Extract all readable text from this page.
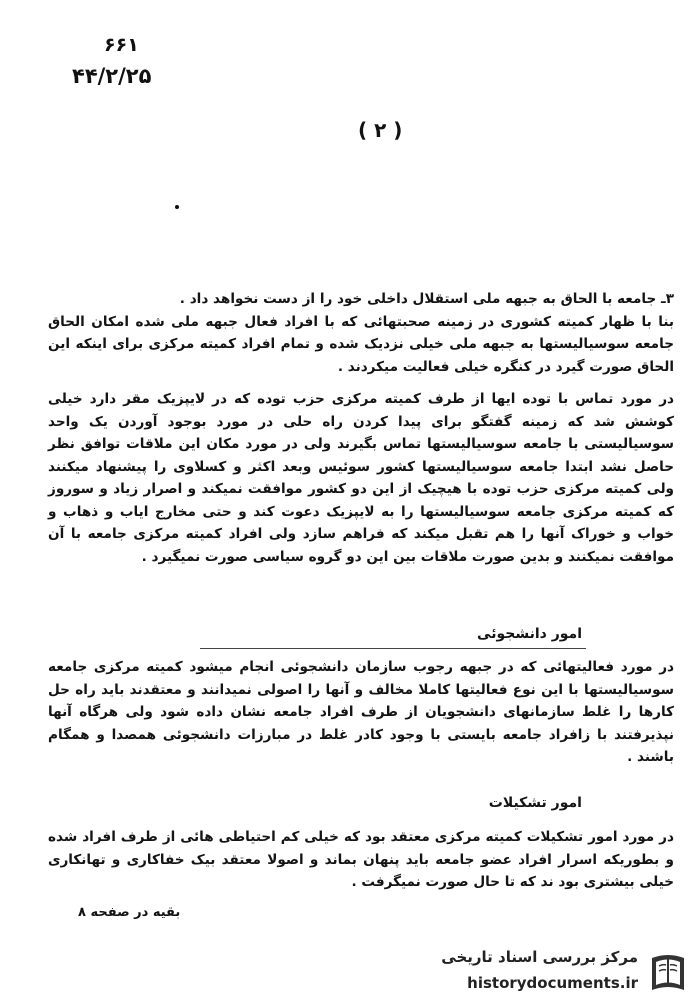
۶۶۱
۴۴/۲/۲۵
( ۲ )

۳ـ جامعه با الحاق به جبهه ملی استقلال داخلی خود را از دست نخواهد داد .

بنا با ظهار کمیته کشوری در زمینه صحبتهائی که با افراد فعال جبهه ملی شده امکان الحاق جامعه سوسیالیستها به جبهه ملی خیلی نزدیک شده و تمام افراد کمیته مرکزی برای اینکه این الحاق صورت گیرد در کنگره خیلی فعالیت میکردند .

در مورد تماس با توده ایها از طرف کمیته مرکزی حزب توده که در لایپزیک مقر دارد خیلی کوشش شد که زمینه گفتگو برای پیدا کردن راه حلی در مورد بوجود آوردن یک واحد سوسیالیستی با جامعه سوسیالیستها تماس بگیرند ولی در مورد مکان این ملاقات توافق نظر حاصل نشد ابتدا جامعه سوسیالیستها کشور سوئیس وبعد اکثر و کسلاوی را پیشنهاد میکنند ولی کمیته مرکزی حزب توده با هیچیک از این دو کشور موافقت نمیکند و اصرار زیاد و سوروز که کمیته مرکزی جامعه سوسیالیستها را به لایپزیک دعوت کند و حتی مخارج ایاب و ذهاب و خواب و خوراک آنها را هم تقبل میکند که فراهم سازد ولی افراد کمیته مرکزی جامعه با آن موافقت نمیکنند و بدین صورت ملاقات بین این دو گروه سیاسی صورت نمیگیرد .

امور دانشجوئی

در مورد فعالیتهائی که در جبهه رجوب سازمان دانشجوئی انجام میشود کمیته مرکزی جامعه سوسیالیستها با این نوع فعالیتها کاملا مخالف و آنها را اصولی نمیدانند و معتقدند باید راه حل کارها را غلط سازمانهای دانشجویان از طرف افراد جامعه نشان داده شود ولی هرگاه آنها نپذیرفتند با زافراد جامعه بایستی با وجود کادر غلط در مبارزات دانشجوئی همصدا و همگام باشند .

امور تشکیلات

در مورد امور تشکیلات کمیته مرکزی معتقد بود که خیلی کم احتیاطی هائی از طرف افراد شده و بطوریکه اسرار افراد عضو جامعه باید پنهان بماند و اصولا معتقد بیک خفاکاری و تهانکاری خیلی بیشتری بود ند که تا حال صورت نمیگرفت .

بقیه در صفحه ۸
مرکز بررسی اسناد تاریخی
historydocuments.ir
